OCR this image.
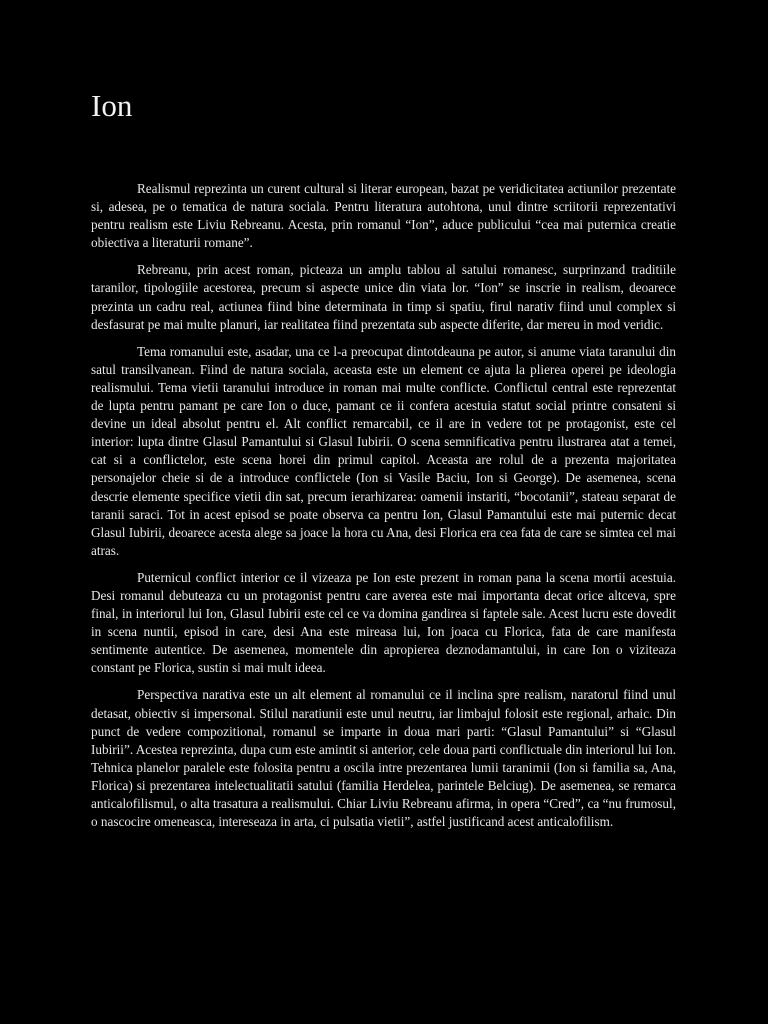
Ion

Realismul reprezinta un curent cultural si literar european, bazat pe veridicitatea actiunilor prezentate si, adesea, pe o tematica de natura sociala. Pentru literatura autohtona, unul dintre scriitorii reprezentativi pentru realism este Liviu Rebreanu. Acesta, prin romanul “Ion”, aduce publicului “cea mai puternica creatie obiectiva a literaturii romane”.

Rebreanu, prin acest roman, picteaza un amplu tablou al satului romanesc, surprinzand traditiile taranilor, tipologiile acestorea, precum si aspecte unice din viata lor. “Ion” se inscrie in realism, deoarece prezinta un cadru real, actiunea fiind bine determinata in timp si spatiu, firul narativ fiind unul complex si desfasurat pe mai multe planuri, iar realitatea fiind prezentata sub aspecte diferite, dar mereu in mod veridic.

Tema romanului este, asadar, una ce l-a preocupat dintotdeauna pe autor, si anume viata taranului din satul transilvanean. Fiind de natura sociala, aceasta este un element ce ajuta la plierea operei pe ideologia realismului. Tema vietii taranului introduce in roman mai multe conflicte. Conflictul central este reprezentat de lupta pentru pamant pe care Ion o duce, pamant ce ii confera acestuia statut social printre consateni si devine un ideal absolut pentru el. Alt conflict remarcabil, ce il are in vedere tot pe protagonist, este cel interior: lupta dintre Glasul Pamantului si Glasul Iubirii. O scena semnificativa pentru ilustrarea atat a temei, cat si a conflictelor, este scena horei din primul capitol. Aceasta are rolul de a prezenta majoritatea personajelor cheie si de a introduce conflictele (Ion si Vasile Baciu, Ion si George). De asemenea, scena descrie elemente specifice vietii din sat, precum ierarhizarea: oamenii instariti, “bocotanii”, stateau separat de taranii saraci. Tot in acest episod se poate observa ca pentru Ion, Glasul Pamantului este mai puternic decat Glasul Iubirii, deoarece acesta alege sa joace la hora cu Ana, desi Florica era cea fata de care se simtea cel mai atras.

Puternicul conflict interior ce il vizeaza pe Ion este prezent in roman pana la scena mortii acestuia. Desi romanul debuteaza cu un protagonist pentru care averea este mai importanta decat orice altceva, spre final, in interiorul lui Ion, Glasul Iubirii este cel ce va domina gandirea si faptele sale. Acest lucru este dovedit in scena nuntii, episod in care, desi Ana este mireasa lui, Ion joaca cu Florica, fata de care manifesta sentimente autentice. De asemenea, momentele din apropierea deznodamantului, in care Ion o viziteaza constant pe Florica, sustin si mai mult ideea.

Perspectiva narativa este un alt element al romanului ce il inclina spre realism, naratorul fiind unul detasat, obiectiv si impersonal. Stilul naratiunii este unul neutru, iar limbajul folosit este regional, arhaic. Din punct de vedere compozitional, romanul se imparte in doua mari parti: “Glasul Pamantului” si “Glasul Iubirii”. Acestea reprezinta, dupa cum este amintit si anterior, cele doua parti conflictuale din interiorul lui Ion. Tehnica planelor paralele este folosita pentru a oscila intre prezentarea lumii taranimii (Ion si familia sa, Ana, Florica) si prezentarea intelectualitatii satului (familia Herdelea, parintele Belciug). De asemenea, se remarca anticalofilismul, o alta trasatura a realismului. Chiar Liviu Rebreanu afirma, in opera “Cred”, ca “nu frumosul, o nascocire omeneasca, intereseaza in arta, ci pulsatia vietii”, astfel justificand acest anticalofilism.
